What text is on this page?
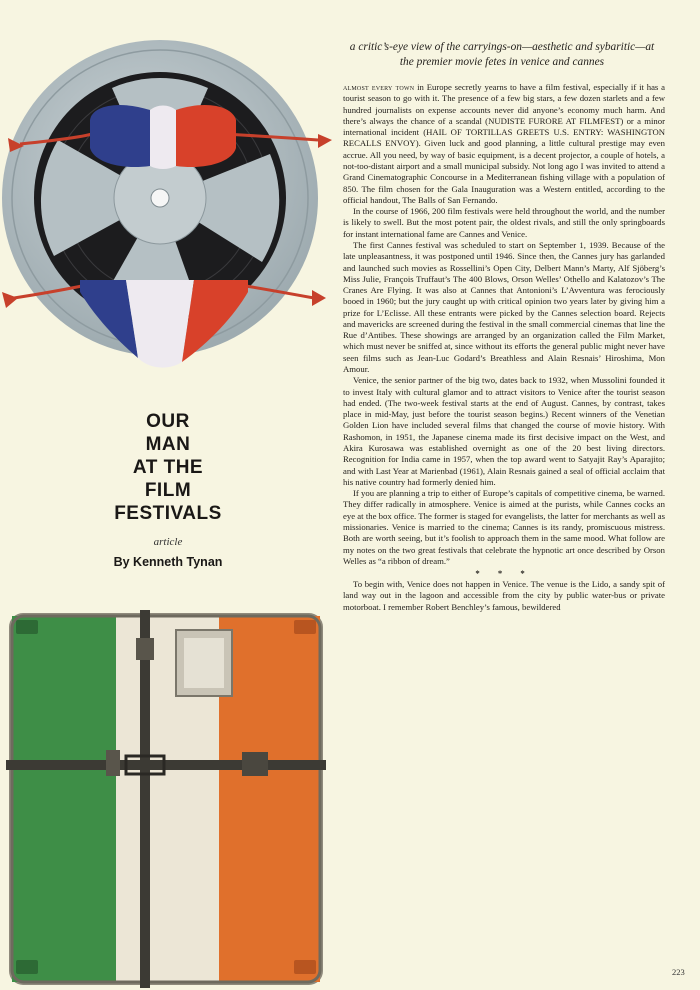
OUR
MAN
AT THE
FILM
FESTIVALS
article
By Kenneth Tynan
a critic’s-eye view of the carryings-on—aesthetic and sybaritic—at the premier movie fetes in venice and cannes

almost every town in Europe secretly yearns to have a film festival, especially if it has a tourist season to go with it. The presence of a few big stars, a few dozen starlets and a few hundred journalists on expense accounts never did anyone’s economy much harm. And there’s always the chance of a scandal (NUDISTE FURORE AT FILMFEST) or a minor international incident (HAIL OF TORTILLAS GREETS U.S. ENTRY: WASHINGTON RECALLS ENVOY). Given luck and good planning, a little cultural prestige may even accrue. All you need, by way of basic equipment, is a decent projector, a couple of hotels, a not-too-distant airport and a small municipal subsidy. Not long ago I was invited to attend a Grand Cinematographic Concourse in a Mediterranean fishing village with a population of 850. The film chosen for the Gala Inauguration was a Western entitled, according to the official handout, The Balls of San Fernando.

In the course of 1966, 200 film festivals were held throughout the world, and the number is likely to swell. But the most potent pair, the oldest rivals, and still the only springboards for instant international fame are Cannes and Venice.

The first Cannes festival was scheduled to start on September 1, 1939. Because of the late unpleasantness, it was postponed until 1946. Since then, the Cannes jury has garlanded and launched such movies as Rossellini’s Open City, Delbert Mann’s Marty, Alf Sjöberg’s Miss Julie, François Truffaut’s The 400 Blows, Orson Welles’ Othello and Kalatozov’s The Cranes Are Flying. It was also at Cannes that Antonioni’s L’Avventura was ferociously booed in 1960; but the jury caught up with critical opinion two years later by giving him a prize for L’Eclisse. All these entrants were picked by the Cannes selection board. Rejects and mavericks are screened during the festival in the small commercial cinemas that line the Rue d’Antibes. These showings are arranged by an organization called the Film Market, which must never be sniffed at, since without its efforts the general public might never have seen films such as Jean-Luc Godard’s Breathless and Alain Resnais’ Hiroshima, Mon Amour.

Venice, the senior partner of the big two, dates back to 1932, when Mussolini founded it to invest Italy with cultural glamor and to attract visitors to Venice after the tourist season had ended. (The two-week festival starts at the end of August. Cannes, by contrast, takes place in mid-May, just before the tourist season begins.) Recent winners of the Venetian Golden Lion have included several films that changed the course of movie history. With Rashomon, in 1951, the Japanese cinema made its first decisive impact on the West, and Akira Kurosawa was established overnight as one of the 20 best living directors. Recognition for India came in 1957, when the top award went to Satyajit Ray’s Aparajito; and with Last Year at Marienbad (1961), Alain Resnais gained a seal of official acclaim that his native country had formerly denied him.

If you are planning a trip to either of Europe’s capitals of competitive cinema, be warned. They differ radically in atmosphere. Venice is aimed at the purists, while Cannes cocks an eye at the box office. The former is staged for evangelists, the latter for merchants as well as missionaries. Venice is married to the cinema; Cannes is its randy, promiscuous mistress. Both are worth seeing, but it’s foolish to approach them in the same mood. What follow are my notes on the two great festivals that celebrate the hypnotic art once described by Orson Welles as “a ribbon of dream.”

* * *

To begin with, Venice does not happen in Venice. The venue is the Lido, a sandy spit of land way out in the lagoon and accessible from the city by public water-bus or private motorboat. I remember Robert Benchley’s famous, bewildered

223
